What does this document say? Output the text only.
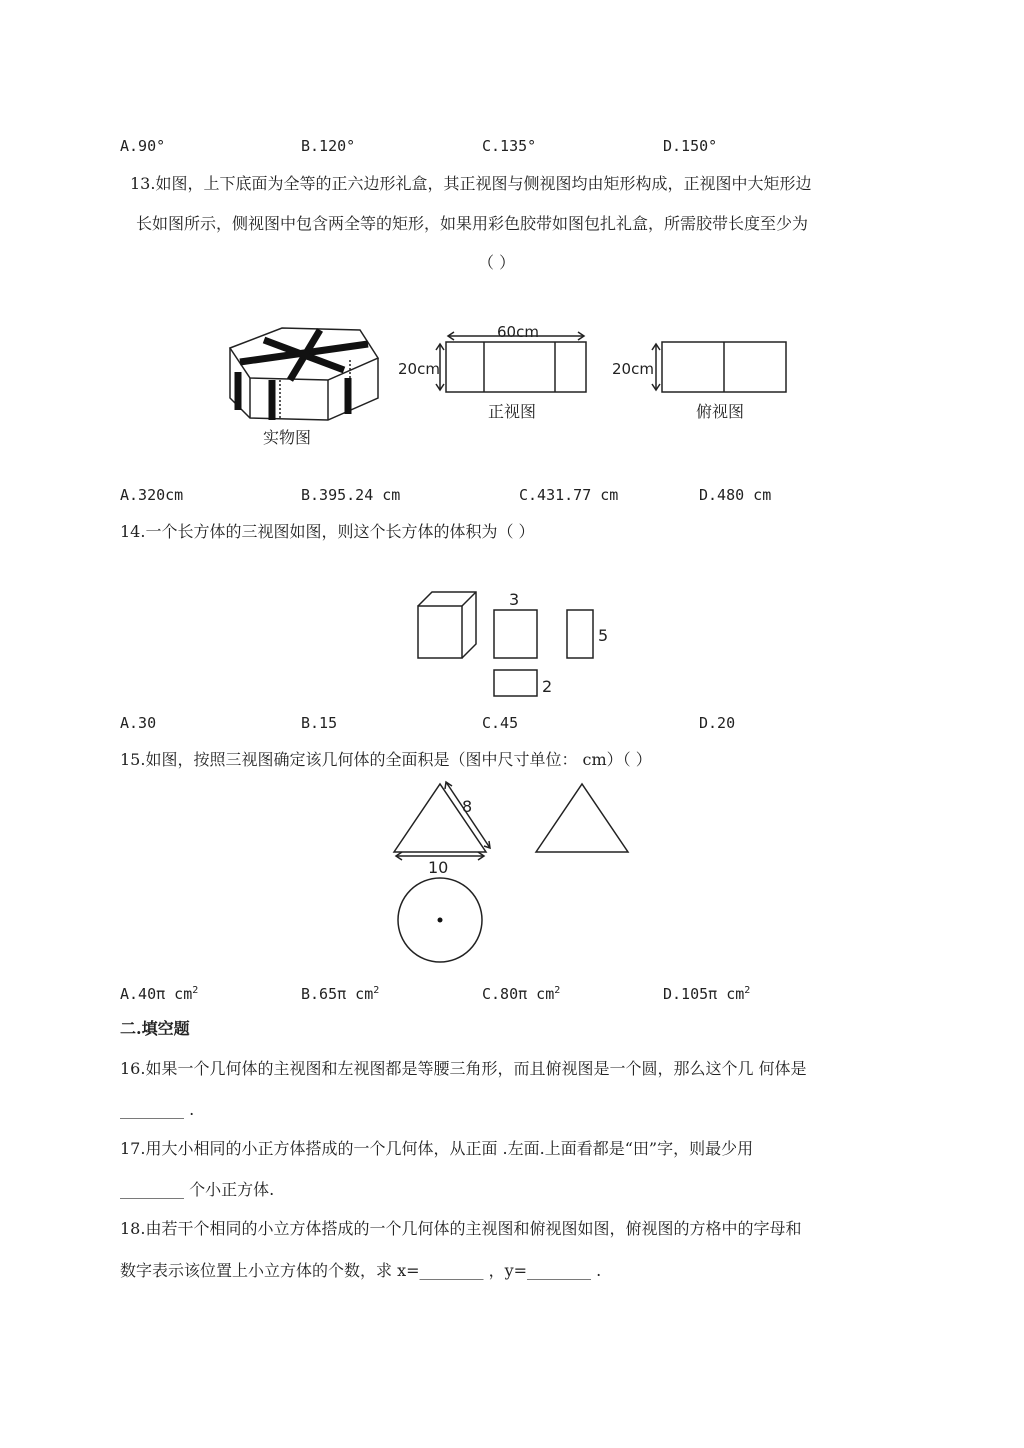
A.90°	B.120°	C.135°	D.150°
13.如图，上下底面为全等的正六边形礼盒，其正视图与侧视图均由矩形构成，正视图中大矩形边
长如图所示，侧视图中包含两全等的矩形，如果用彩色胶带如图包扎礼盒，所需胶带长度至少为
（ ）
实物图
60cm
20cm
正视图
20cm
俯视图
A.320cm	B.395.24 cm	C.431.77 cm	D.480 cm
14.一个长方体的三视图如图，则这个长方体的体积为（ ）
3
5
2
A.30	B.15	C.45	D.20
15.如图，按照三视图确定该几何体的全面积是（图中尺寸单位： cm）（ ）
8
10
A.40π $cm^2$	B.65π $cm^2$	C.80π $cm^2$	D.105π $cm^2$
二.填空题
16.如果一个几何体的主视图和左视图都是等腰三角形，而且俯视图是一个圆，那么这个几 何体是
________ .
17.用大小相同的小正方体搭成的一个几何体，从正面 .左面.上面看都是“田”字，则最少用
________ 个小正方体.
18.由若干个相同的小立方体搭成的一个几何体的主视图和俯视图如图，俯视图的方格中的字母和
数字表示该位置上小立方体的个数，求 x=________ ，y=________ .
